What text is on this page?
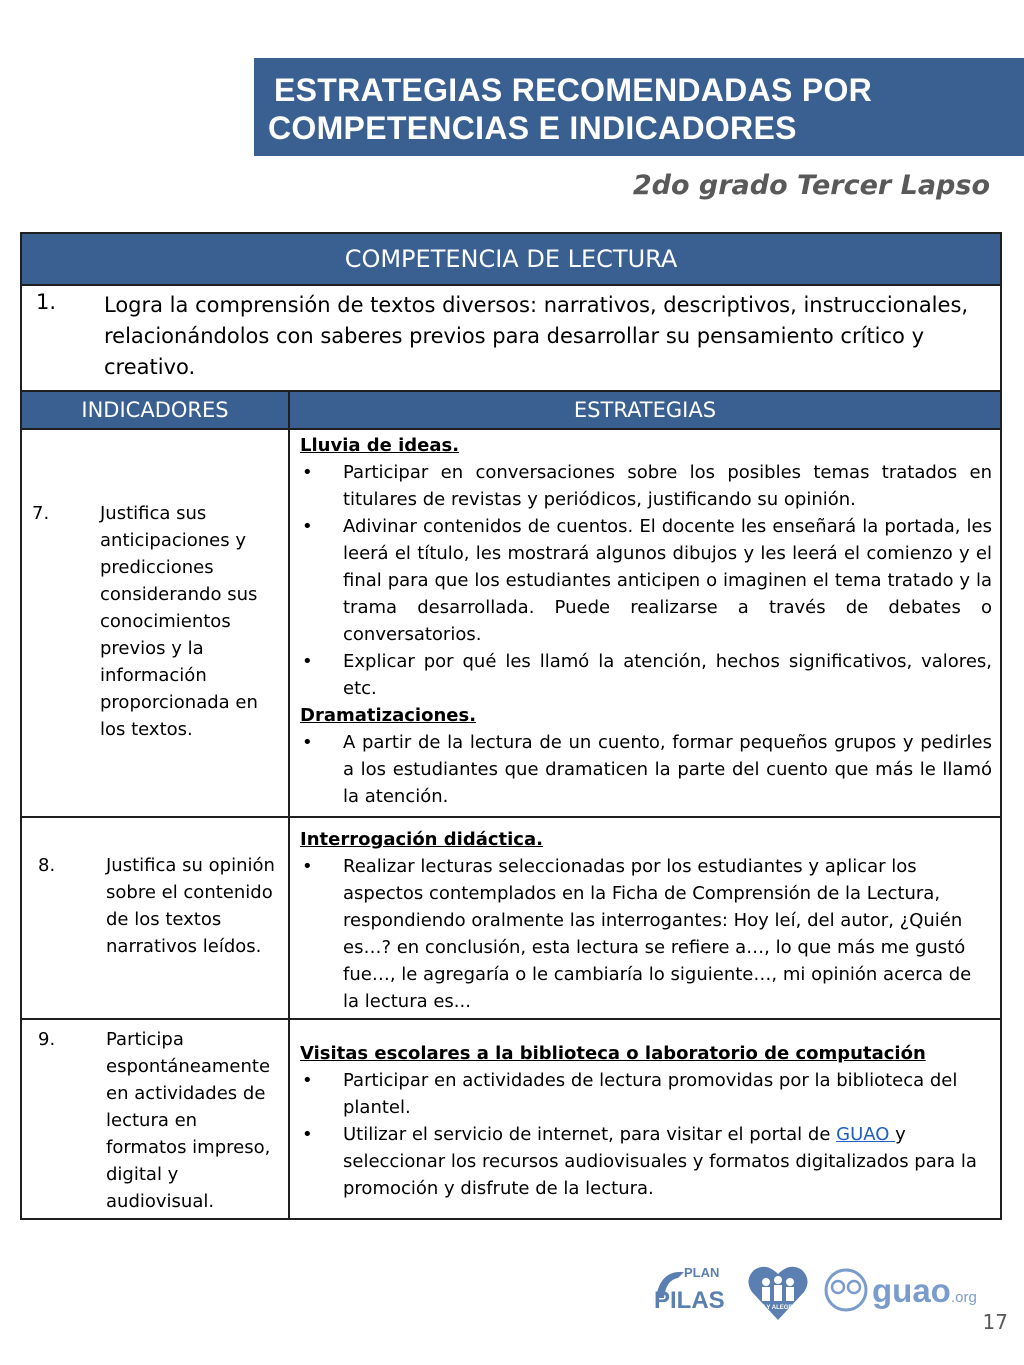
ESTRATEGIAS RECOMENDADAS POR
COMPETENCIAS E INDICADORES
2do grado Tercer Lapso
COMPETENCIA DE LECTURA
1. Logra la comprensión de textos diversos: narrativos, descriptivos, instruccionales, relacionándolos con saberes previos para desarrollar su pensamiento crítico y creativo.
INDICADORES	ESTRATEGIAS
7.	Justifica sus anticipaciones y predicciones considerando sus conocimientos previos y la información proporcionada en los textos.
Lluvia de ideas.
• Participar en conversaciones sobre los posibles temas tratados en titulares de revistas y periódicos, justificando su opinión.
• Adivinar contenidos de cuentos. El docente les enseñará la portada, les leerá el título, les mostrará algunos dibujos y les leerá el comienzo y el final para que los estudiantes anticipen o imaginen el tema tratado y la trama desarrollada. Puede realizarse a través de debates o conversatorios.
• Explicar por qué les llamó la atención, hechos significativos, valores, etc.
Dramatizaciones.
• A partir de la lectura de un cuento, formar pequeños grupos y pedirles a los estudiantes que dramaticen la parte del cuento que más le llamó la atención.
8.	Justifica su opinión sobre el contenido de los textos narrativos leídos.
Interrogación didáctica.
• Realizar lecturas seleccionadas por los estudiantes y aplicar los aspectos contemplados en la Ficha de Comprensión de la Lectura, respondiendo oralmente las interrogantes: Hoy leí, del autor, ¿Quién es…? en conclusión, esta lectura se refiere a…, lo que más me gustó fue…, le agregaría o le cambiaría lo siguiente…, mi opinión acerca de la lectura es...
9.	Participa espontáneamente en actividades de lectura en formatos impreso, digital y audiovisual.
Visitas escolares a la biblioteca o laboratorio de computación
• Participar en actividades de lectura promovidas por la biblioteca del plantel.
• Utilizar el servicio de internet, para visitar el portal de GUAO y seleccionar los recursos audiovisuales y formatos digitalizados para la promoción y disfrute de la lectura.
PLAN
PILAS	FE Y ALEGRIA guao .org
17
